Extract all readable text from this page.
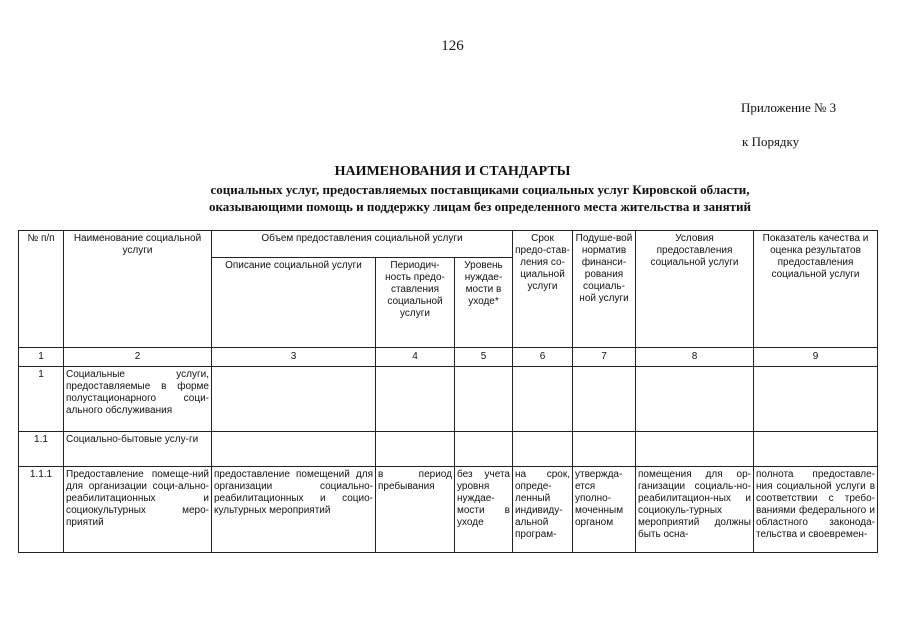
126
Приложение № 3
к Порядку
НАИМЕНОВАНИЯ И СТАНДАРТЫ
социальных услуг, предоставляемых поставщиками социальных услуг Кировской области,
оказывающими помощь и поддержку лицам без определенного места жительства и занятий
№ п/п	Наименование социальной услуги	Объем предоставления социальной услуги			Срок предо-став-ления со-циальной услуги	Подуше-вой норматив финанси-рования социаль-ной услуги	Условия предоставления социальной услуги	Показатель качества и оценка результатов предоставления социальной услуги
		Описание социальной услуги	Периодич-ность предо-ставления социальной услуги	Уровень нуждае-мости в уходе*				
1	2	3	4	5	6	7	8	9
1	Социальные услуги, предоставляемые в форме полустационарного соци-ального обслуживания							
1.1	Социально-бытовые услу-ги							
1.1.1	Предоставление помеще-ний для организации соци-ально-реабилитационных и социокультурных меро-приятий	предоставление помещений для организации социально-реабилитационных и социо-культурных мероприятий	в период пребывания	без учета уровня нуждае-мости в уходе	на срок, опреде-ленный индивиду-альной програм-	утвержда-ется уполно-моченным органом	помещения для ор-ганизации социаль-но-реабилитацион-ных и социокуль-турных мероприятий должны быть осна-	полнота предоставле-ния социальной услуги в соответствии с требо-ваниями федерального и областного законода-тельства и своевремен-
